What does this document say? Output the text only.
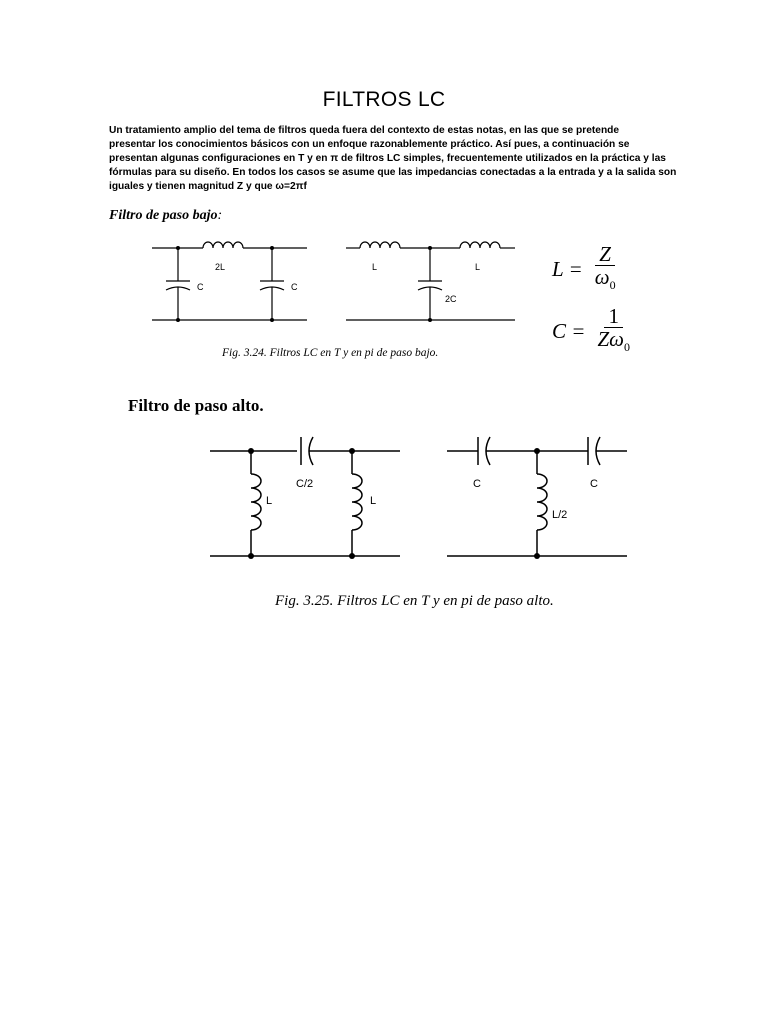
FILTROS LC
Un tratamiento amplio del tema de filtros queda fuera del contexto de estas notas, en las que se pretende
presentar los conocimientos básicos con un enfoque razonablemente práctico. Así pues, a continuación se
presentan algunas configuraciones en T y en π de filtros LC simples, frecuentemente utilizados en la práctica y las
fórmulas para su diseño. En todos los casos se asume que las impedancias conectadas a la entrada y a la salida son
iguales y tienen magnitud Z y que ω=2πf
Filtro de paso bajo:
2L
C	C
L	L
2C
C/2
L	L
C	C
L/2
$L = \frac{Z}{\omega_0}$
$C = \frac{1}{Z\omega_0}$
Fig. 3.24. Filtros LC en T y en pi de paso bajo.
Filtro de paso alto.
Fig. 3.25. Filtros LC en T y en pi de paso alto.
